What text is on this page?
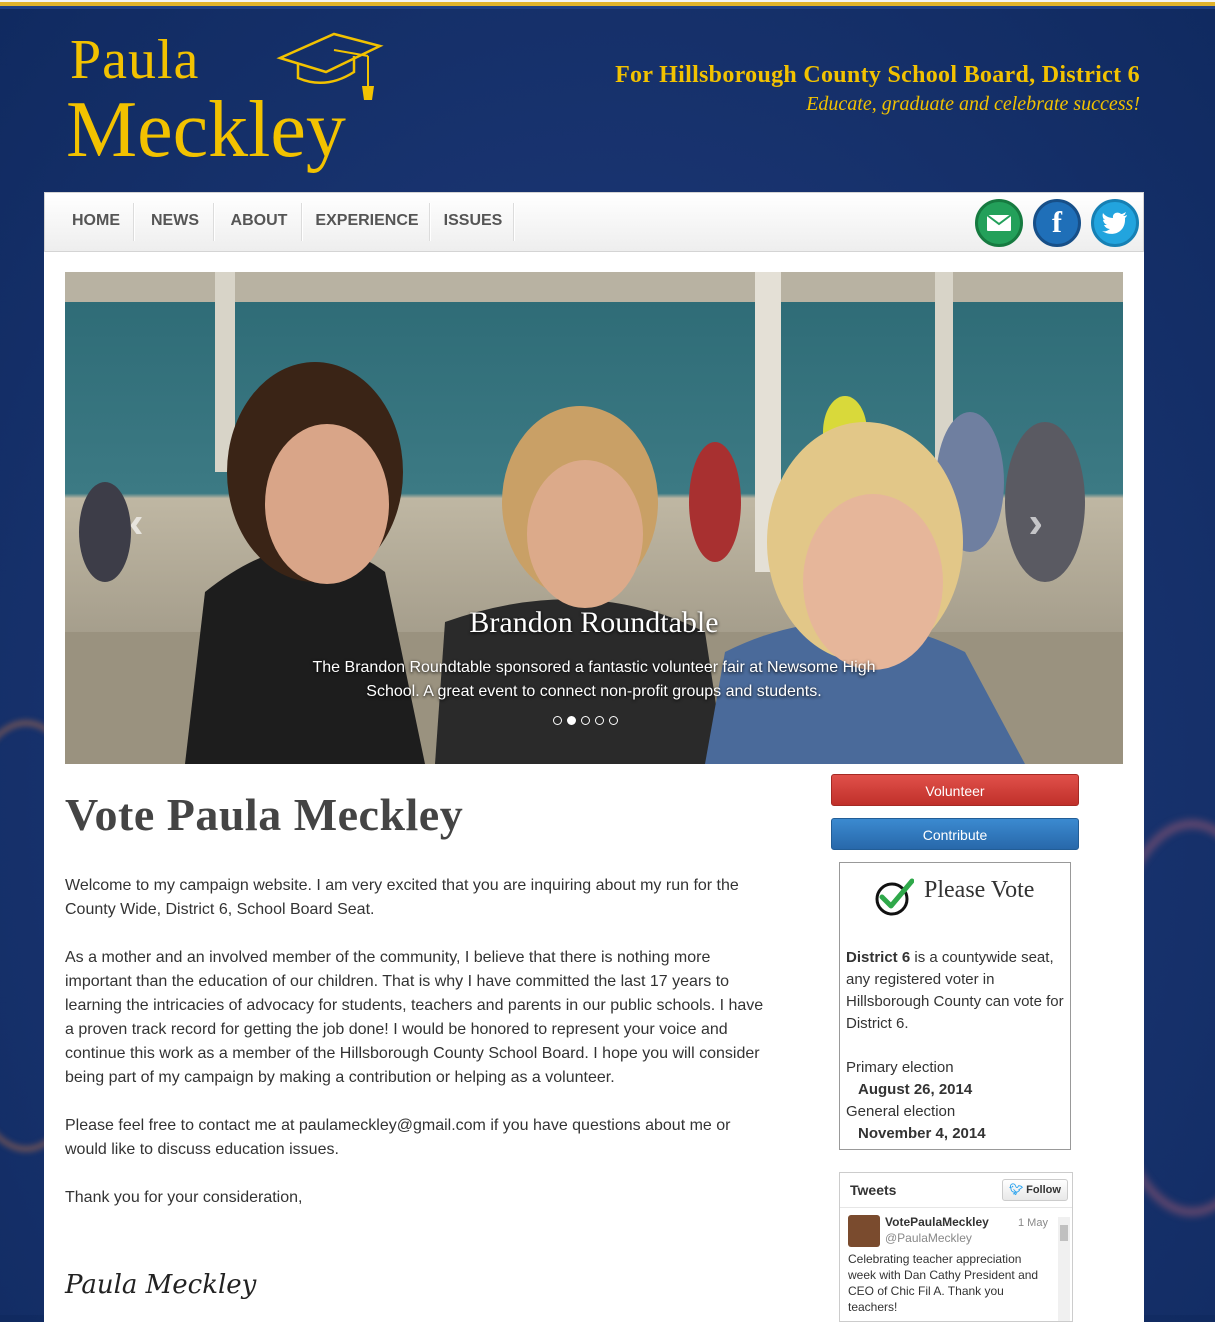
Paula
Meckley
For Hillsborough County School Board, District 6
Educate, graduate and celebrate success!
HOME	NEWS	ABOUT	EXPERIENCE	ISSUES	f
‹	›
Brandon Roundtable
The Brandon Roundtable sponsored a fantastic volunteer fair at Newsome High School. A great event to connect non-profit groups and students.
Vote Paula Meckley

Welcome to my campaign website. I am very excited that you are inquiring about my run for the County Wide, District 6, School Board Seat.

As a mother and an involved member of the community, I believe that there is nothing more important than the education of our children. That is why I have committed the last 17 years to learning the intricacies of advocacy for students, teachers and parents in our public schools. I have a proven track record for getting the job done! I would be honored to represent your voice and continue this work as a member of the Hillsborough County School Board. I hope you will consider being part of my campaign by making a contribution or helping as a volunteer.

Please feel free to contact me at paulameckley@gmail.com if you have questions about me or would like to discuss education issues.

Thank you for your consideration,

Paula Meckley
Volunteer
Contribute
Please Vote
District 6 is a countywide seat, any registered voter in Hillsborough County can vote for District 6.
Primary election
August 26, 2014
General election
November 4, 2014
Tweets	🐦︎ Follow
VotePaulaMeckley
@PaulaMeckley
1 May
Celebrating teacher appreciation week with Dan Cathy President and CEO of Chic Fil A. Thank you teachers!
